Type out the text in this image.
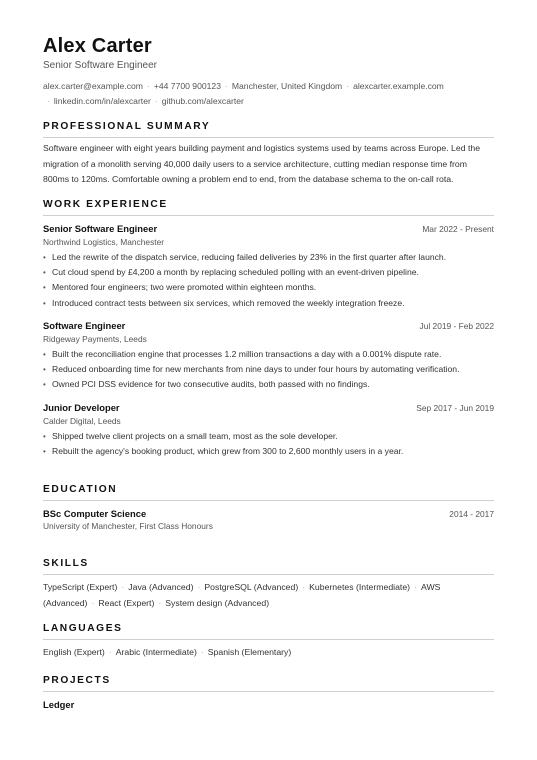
Alex Carter
Senior Software Engineer
alex.carter@example.com · +44 7700 900123 · Manchester, United Kingdom · alexcarter.example.com
· linkedin.com/in/alexcarter · github.com/alexcarter
PROFESSIONAL SUMMARY
Software engineer with eight years building payment and logistics systems used by teams across Europe. Led the migration of a monolith serving 40,000 daily users to a service architecture, cutting median response time from 800ms to 120ms. Comfortable owning a problem end to end, from the database schema to the on-call rota.
WORK EXPERIENCE
Senior Software Engineer	Mar 2022 - Present
Northwind Logistics, Manchester
• Led the rewrite of the dispatch service, reducing failed deliveries by 23% in the first quarter after launch.
• Cut cloud spend by £4,200 a month by replacing scheduled polling with an event-driven pipeline.
• Mentored four engineers; two were promoted within eighteen months.
• Introduced contract tests between six services, which removed the weekly integration freeze.
Software Engineer	Jul 2019 - Feb 2022
Ridgeway Payments, Leeds
• Built the reconciliation engine that processes 1.2 million transactions a day with a 0.001% dispute rate.
• Reduced onboarding time for new merchants from nine days to under four hours by automating verification.
• Owned PCI DSS evidence for two consecutive audits, both passed with no findings.
Junior Developer	Sep 2017 - Jun 2019
Calder Digital, Leeds
• Shipped twelve client projects on a small team, most as the sole developer.
• Rebuilt the agency's booking product, which grew from 300 to 2,600 monthly users in a year.
EDUCATION
BSc Computer Science	2014 - 2017
University of Manchester, First Class Honours
SKILLS
TypeScript (Expert) · Java (Advanced) · PostgreSQL (Advanced) · Kubernetes (Intermediate) · AWS (Advanced) · React (Expert) · System design (Advanced)
LANGUAGES
English (Expert) · Arabic (Intermediate) · Spanish (Elementary)
PROJECTS
Ledger
